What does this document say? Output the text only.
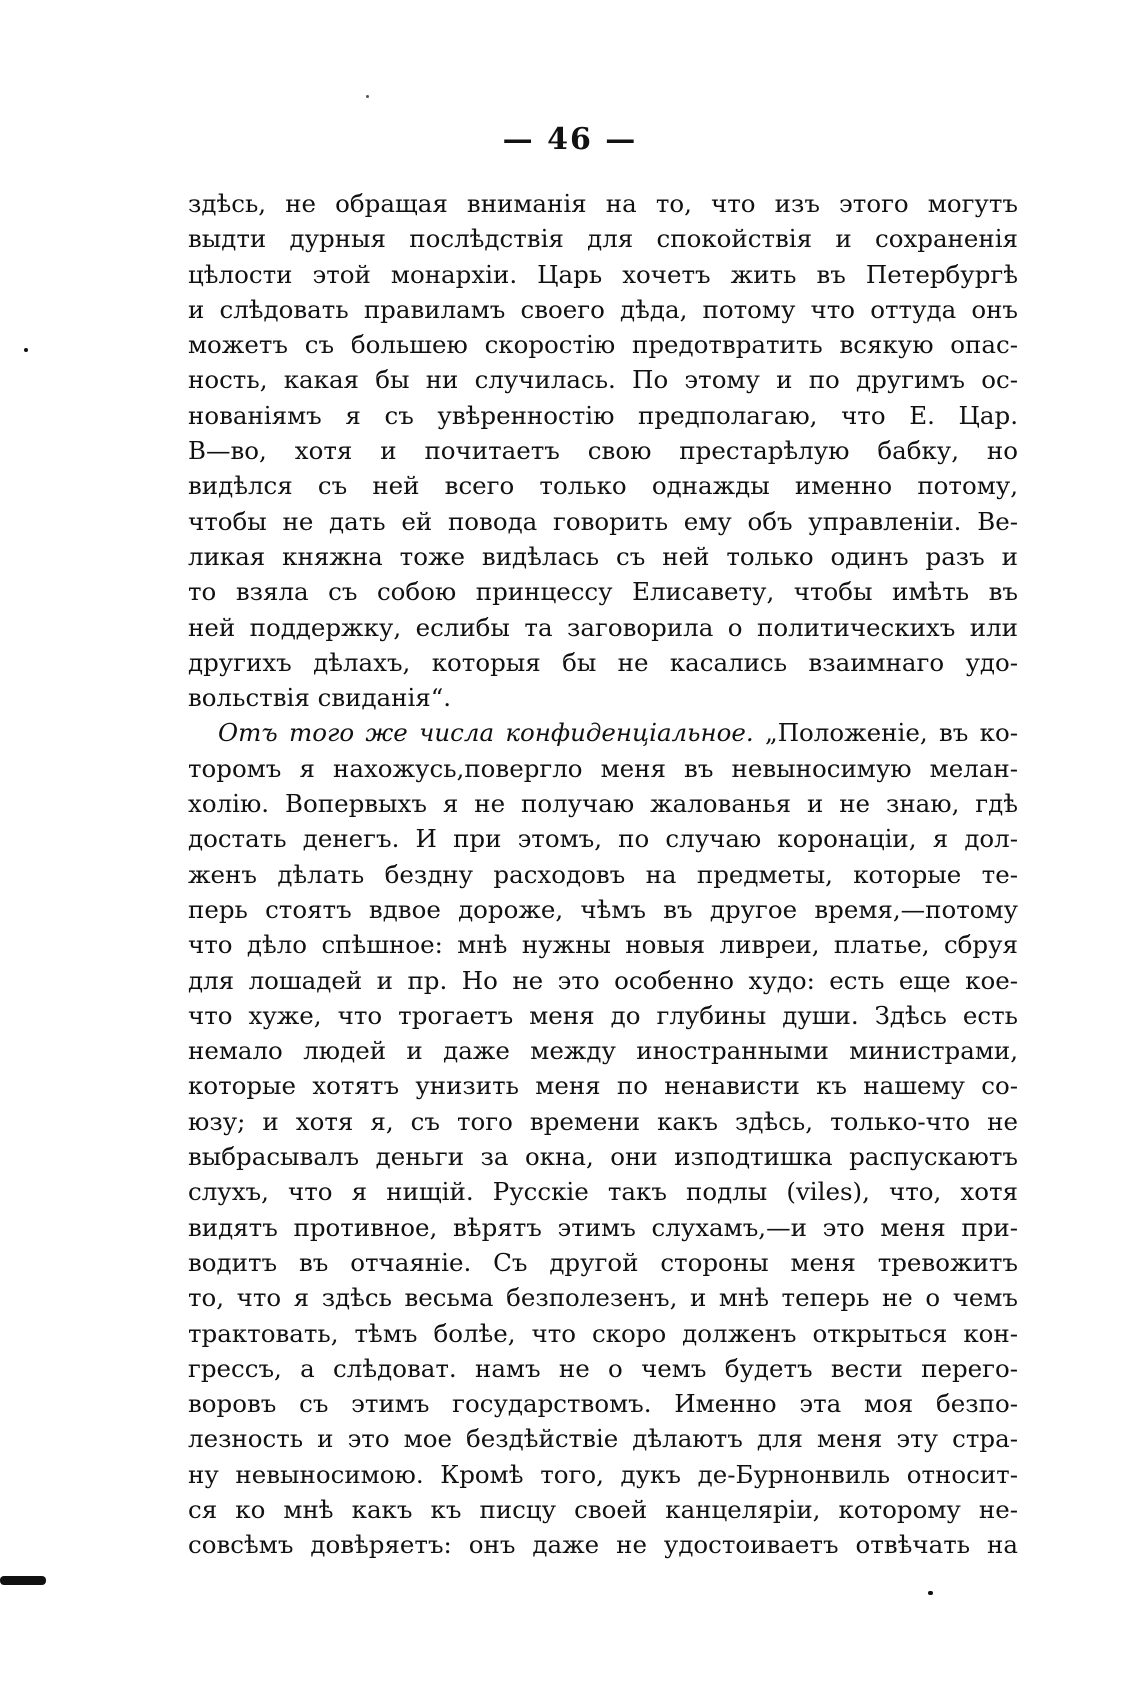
— 46 —
здѣсь, не обращая вниманія на то, что изъ этого могутъ
выдти дурныя послѣдствія для спокойствія и сохраненія
цѣлости этой монархіи. Царь хочетъ жить въ Петербургѣ
и слѣдовать правиламъ своего дѣда, потому что оттуда онъ
можетъ съ большею скоростію предотвратить всякую опас-
ность, какая бы ни случилась. По этому и по другимъ ос-
нованіямъ я съ увѣренностію предполагаю, что Е. Цар.
В—во, хотя и почитаетъ свою престарѣлую бабку, но
видѣлся съ ней всего только однажды именно потому,
чтобы не дать ей повода говорить ему объ управленіи. Ве-
ликая княжна тоже видѣлась съ ней только одинъ разъ и
то взяла съ собою принцессу Елисавету, чтобы имѣть въ
ней поддержку, еслибы та заговорила о политическихъ или
другихъ дѣлахъ, которыя бы не касались взаимнаго удо-
вольствія свиданія“.
Отъ того же числа конфиденціальное. „Положеніе, въ ко-
торомъ я нахожусь,повергло меня въ невыносимую мелан-
холію. Вопервыхъ я не получаю жалованья и не знаю, гдѣ
достать денегъ. И при этомъ, по случаю коронаціи, я дол-
женъ дѣлать бездну расходовъ на предметы, которые те-
перь стоятъ вдвое дороже, чѣмъ въ другое время,—потому
что дѣло спѣшное: мнѣ нужны новыя ливреи, платье, сбруя
для лошадей и пр. Но не это особенно худо: есть еще кое-
что хуже, что трогаетъ меня до глубины души. Здѣсь есть
немало людей и даже между иностранными министрами,
которые хотятъ унизить меня по ненависти къ нашему со-
юзу; и хотя я, съ того времени какъ здѣсь, только-что не
выбрасывалъ деньги за окна, они изподтишка распускаютъ
слухъ, что я нищій. Русскіе такъ подлы (viles), что, хотя
видятъ противное, вѣрятъ этимъ слухамъ,—и это меня при-
водитъ въ отчаяніе. Съ другой стороны меня тревожитъ
то, что я здѣсь весьма безполезенъ, и мнѣ теперь не о чемъ
трактовать, тѣмъ болѣе, что скоро долженъ открыться кон-
грессъ, а слѣдоват. намъ не о чемъ будетъ вести перего-
воровъ съ этимъ государствомъ. Именно эта моя безпо-
лезность и это мое бездѣйствіе дѣлаютъ для меня эту стра-
ну невыносимою. Кромѣ того, дукъ де-Бурнонвиль относит-
ся ко мнѣ какъ къ писцу своей канцеляріи, которому не-
совсѣмъ довѣряетъ: онъ даже не удостоиваетъ отвѣчать на
